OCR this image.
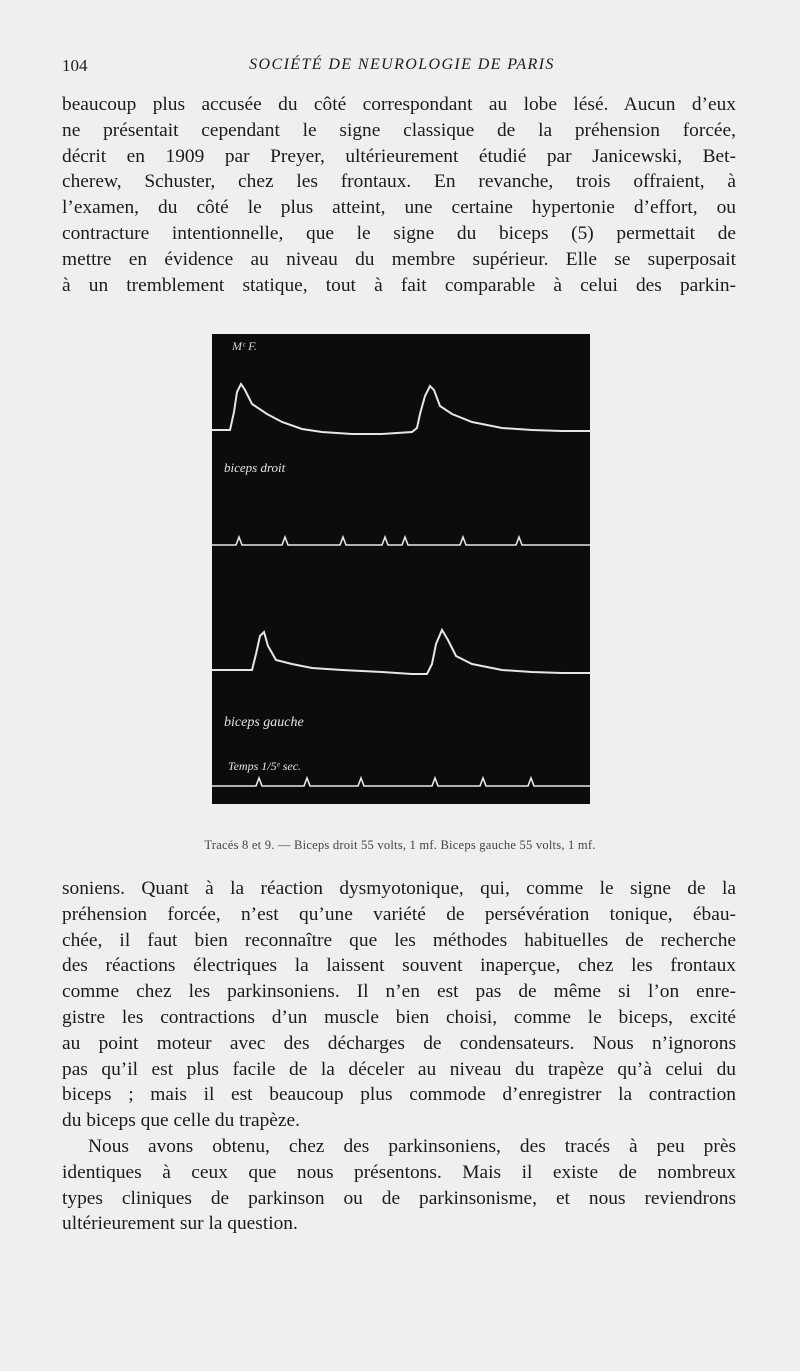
104	SOCIÉTÉ DE NEUROLOGIE DE PARIS
beaucoup plus accusée du côté correspondant au lobe lésé. Aucun d’eux
ne présentait cependant le signe classique de la préhension forcée,
décrit en 1909 par Preyer, ultérieurement étudié par Janicewski, Bet-
cherew, Schuster, chez les frontaux. En revanche, trois offraient, à
l’examen, du côté le plus atteint, une certaine hypertonie d’effort, ou
contracture intentionnelle, que le signe du biceps (5) permettait de
mettre en évidence au niveau du membre supérieur. Elle se superposait
à un tremblement statique, tout à fait comparable à celui des parkin-
Mᶜ F.
biceps droit
biceps gauche
Temps 1/5ᵉ sec.
Tracés 8 et 9. — Biceps droit 55 volts, 1 mf. Biceps gauche 55 volts, 1 mf.
soniens. Quant à la réaction dysmyotonique, qui, comme le signe de la
préhension forcée, n’est qu’une variété de persévération tonique, ébau-
chée, il faut bien reconnaître que les méthodes habituelles de recherche
des réactions électriques la laissent souvent inaperçue, chez les frontaux
comme chez les parkinsoniens. Il n’en est pas de même si l’on enre-
gistre les contractions d’un muscle bien choisi, comme le biceps, excité
au point moteur avec des décharges de condensateurs. Nous n’ignorons
pas qu’il est plus facile de la déceler au niveau du trapèze qu’à celui du
biceps ; mais il est beaucoup plus commode d’enregistrer la contraction
du biceps que celle du trapèze.
Nous avons obtenu, chez des parkinsoniens, des tracés à peu près
identiques à ceux que nous présentons. Mais il existe de nombreux
types cliniques de parkinson ou de parkinsonisme, et nous reviendrons
ultérieurement sur la question.
